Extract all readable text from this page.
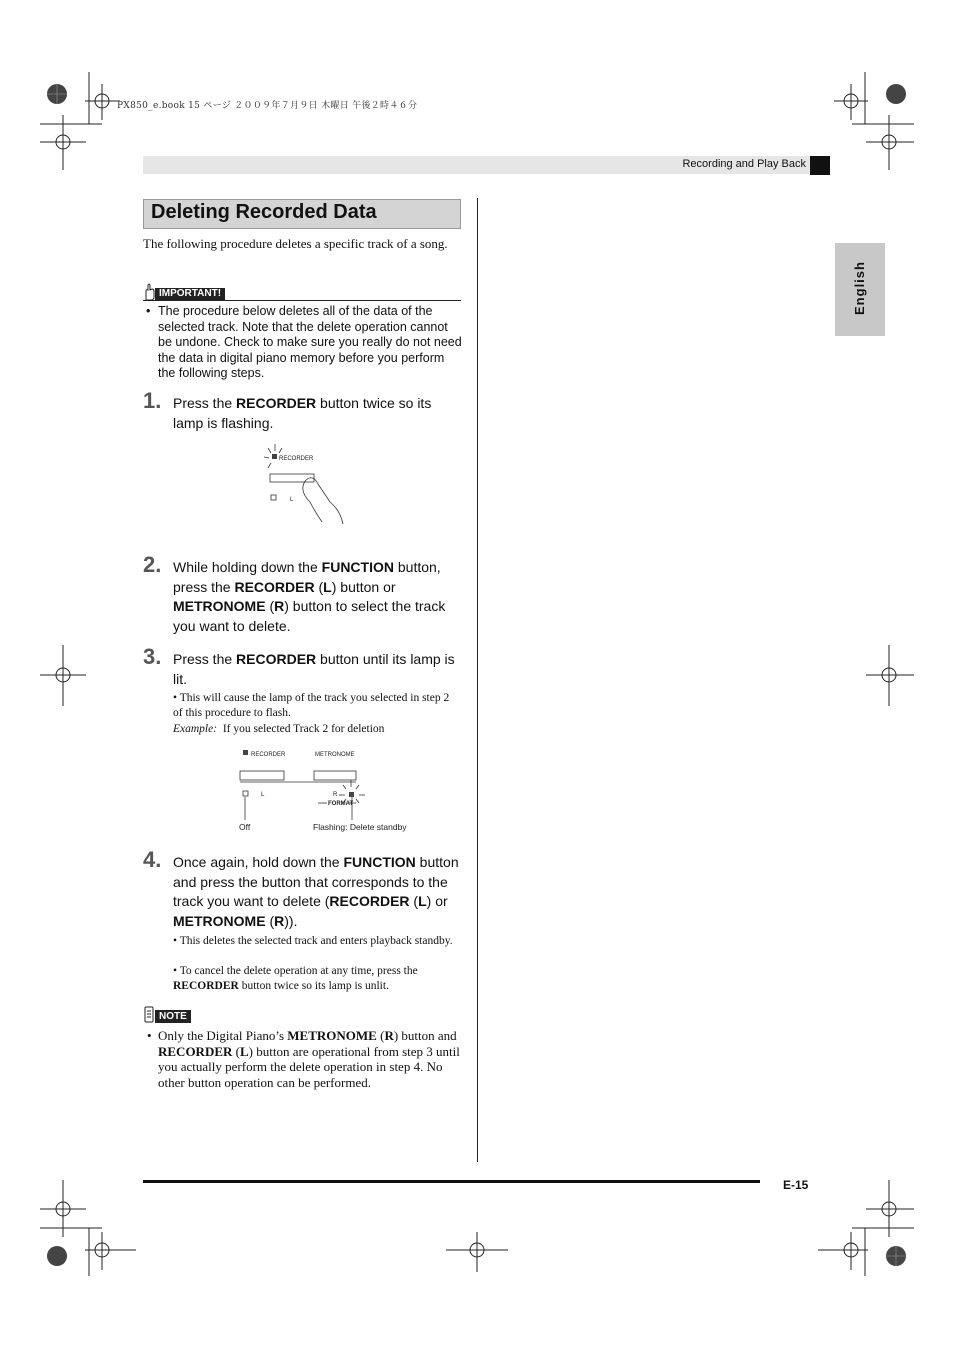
PX850_e.book 15 ページ ２００９年７月９日 木曜日 午後２時４６分
Recording and Play Back
English
Deleting Recorded Data
The following procedure deletes a specific track of a song.
IMPORTANT!
• The procedure below deletes all of the data of the selected track. Note that the delete operation cannot be undone. Check to make sure you really do not need the data in digital piano memory before you perform the following steps.
1. Press the RECORDER button twice so its lamp is flashing.
RECORDER
L
2. While holding down the FUNCTION button, press the RECORDER (L) button or METRONOME (R) button to select the track you want to delete.
3. Press the RECORDER button until its lamp is lit.
• This will cause the lamp of the track you selected in step 2 of this procedure to flash.
Example: If you selected Track 2 for deletion
RECORDER	METRONOME
L	R
FORMAT
Off	Flashing: Delete standby
4. Once again, hold down the FUNCTION button and press the button that corresponds to the track you want to delete (RECORDER (L) or METRONOME (R)).
• This deletes the selected track and enters playback standby.
• To cancel the delete operation at any time, press the RECORDER button twice so its lamp is unlit.
NOTE
• Only the Digital Piano’s METRONOME (R) button and RECORDER (L) button are operational from step 3 until you actually perform the delete operation in step 4. No other button operation can be performed.
E-15
